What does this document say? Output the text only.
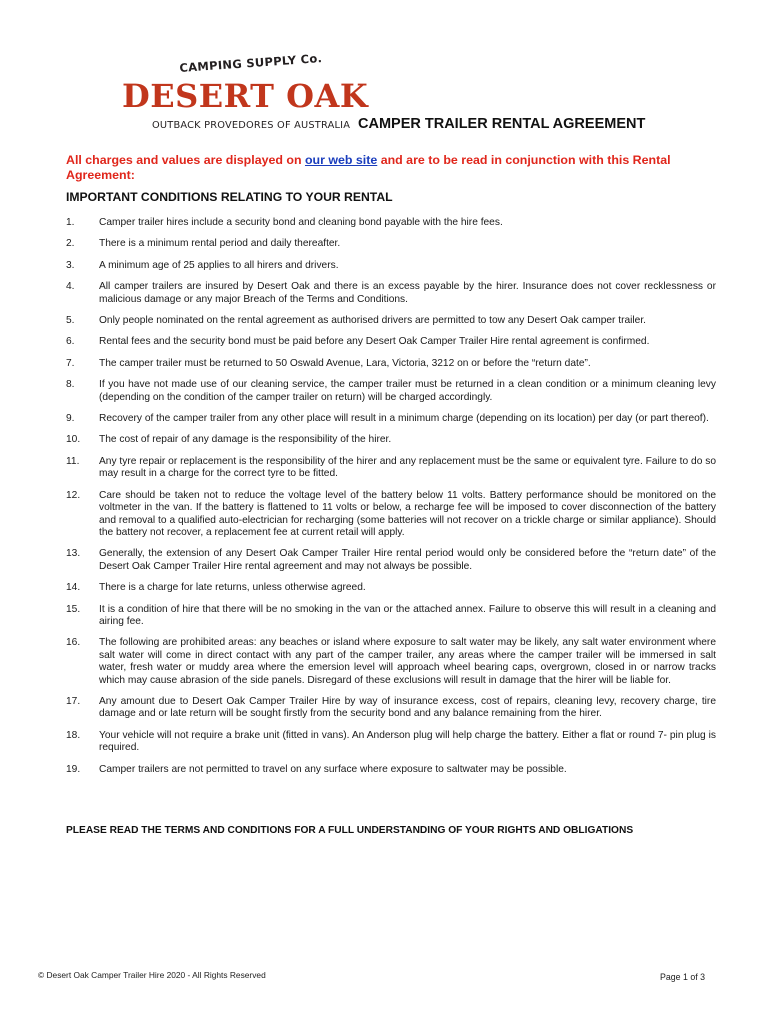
CAMPING SUPPLY Co.
DESERT OAK
OUTBACK PROVEDORES OF AUSTRALIA CAMPER TRAILER RENTAL AGREEMENT
All charges and values are displayed on our web site and are to be read in conjunction with this Rental Agreement:
IMPORTANT CONDITIONS RELATING TO YOUR RENTAL
1.	Camper trailer hires include a security bond and cleaning bond payable with the hire fees.
2.	There is a minimum rental period and daily thereafter.
3.	A minimum age of 25 applies to all hirers and drivers.
4.	All camper trailers are insured by Desert Oak and there is an excess payable by the hirer. Insurance does not cover recklessness or malicious damage or any major Breach of the Terms and Conditions.
5.	Only people nominated on the rental agreement as authorised drivers are permitted to tow any Desert Oak camper trailer.
6.	Rental fees and the security bond must be paid before any Desert Oak Camper Trailer Hire rental agreement is confirmed.
7.	The camper trailer must be returned to 50 Oswald Avenue, Lara, Victoria, 3212 on or before the “return date”.
8.	If you have not made use of our cleaning service, the camper trailer must be returned in a clean condition or a minimum cleaning levy (depending on the condition of the camper trailer on return) will be charged accordingly.
9.	Recovery of the camper trailer from any other place will result in a minimum charge (depending on its location) per day (or part thereof).
10.	The cost of repair of any damage is the responsibility of the hirer.
11.	Any tyre repair or replacement is the responsibility of the hirer and any replacement must be the same or equivalent tyre. Failure to do so may result in a charge for the correct tyre to be fitted.
12.	Care should be taken not to reduce the voltage level of the battery below 11 volts. Battery performance should be monitored on the voltmeter in the van. If the battery is flattened to 11 volts or below, a recharge fee will be imposed to cover disconnection of the battery and removal to a qualified auto-electrician for recharging (some batteries will not recover on a trickle charge or similar appliance). Should the battery not recover, a replacement fee at current retail will apply.
13.	Generally, the extension of any Desert Oak Camper Trailer Hire rental period would only be considered before the “return date” of the Desert Oak Camper Trailer Hire rental agreement and may not always be possible.
14.	There is a charge for late returns, unless otherwise agreed.
15.	It is a condition of hire that there will be no smoking in the van or the attached annex. Failure to observe this will result in a cleaning and airing fee.
16.	The following are prohibited areas: any beaches or island where exposure to salt water may be likely, any salt water environment where salt water will come in direct contact with any part of the camper trailer, any areas where the camper trailer will be immersed in salt water, fresh water or muddy area where the emersion level will approach wheel bearing caps, overgrown, closed in or narrow tracks which may cause abrasion of the side panels. Disregard of these exclusions will result in damage that the hirer will be liable for.
17.	Any amount due to Desert Oak Camper Trailer Hire by way of insurance excess, cost of repairs, cleaning levy, recovery charge, tire damage and or late return will be sought firstly from the security bond and any balance remaining from the hirer.
18.	Your vehicle will not require a brake unit (fitted in vans). An Anderson plug will help charge the battery. Either a flat or round 7- pin plug is required.
19.	Camper trailers are not permitted to travel on any surface where exposure to saltwater may be possible.
PLEASE READ THE TERMS AND CONDITIONS FOR A FULL UNDERSTANDING OF YOUR RIGHTS AND OBLIGATIONS
© Desert Oak Camper Trailer Hire 2020 - All Rights Reserved	Page 1 of 3
